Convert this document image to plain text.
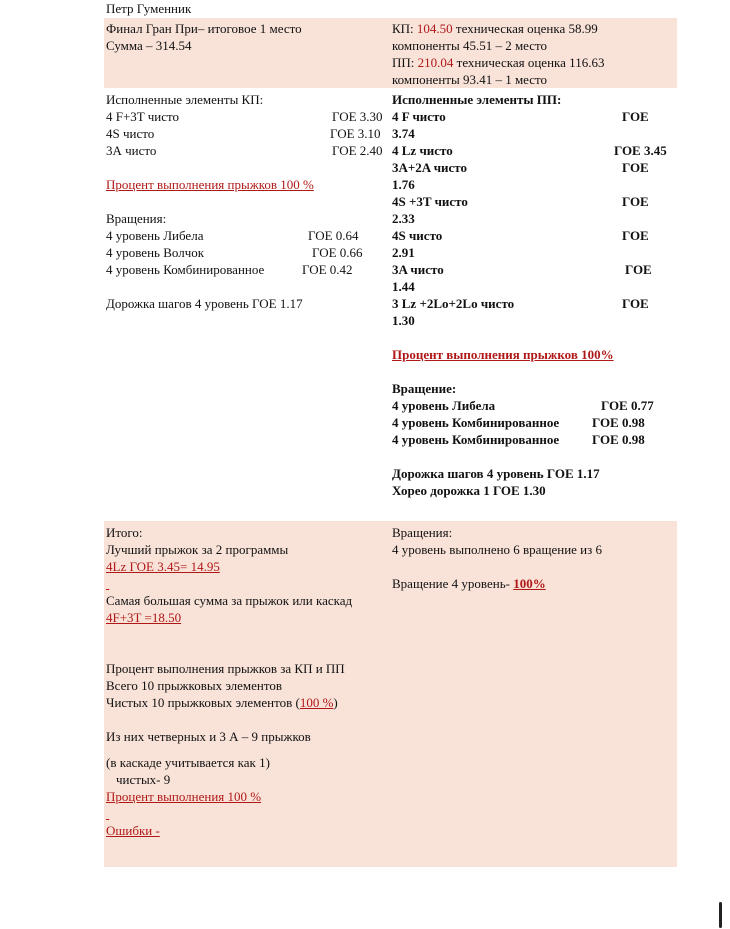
Петр Гуменник
Финал Гран При– итоговое 1 место
Сумма – 314.54
КП: 104.50 техническая оценка 58.99
компоненты 45.51 – 2 место
ПП: 210.04 техническая оценка 116.63
компоненты 93.41 – 1 место
Исполненные элементы КП:
4 F+3T чисто	ГОЕ 3.30
4S чисто	ГОЕ 3.10
3А чисто	ГОЕ 2.40
Процент выполнения прыжков 100 %
Вращения:
4 уровень Либела	ГОЕ 0.64
4 уровень Волчок	ГОЕ 0.66
4 уровень Комбинированное	ГОЕ 0.42
Дорожка шагов 4 уровень ГОЕ 1.17
Исполненные элементы ПП:
4 F чисто	ГОЕ
3.74
4 Lz чисто	ГОЕ 3.45
3A+2A чисто	ГОЕ
1.76
4S +3T чисто	ГОЕ
2.33
4S чисто	ГОЕ
2.91
3A чисто	ГОЕ
1.44
3 Lz +2Lo+2Lo чисто	ГОЕ
1.30
Процент выполнения прыжков 100%
Вращение:
4 уровень Либела	ГОЕ 0.77
4 уровень Комбинированное	ГОЕ 0.98
4 уровень Комбинированное	ГОЕ 0.98
Дорожка шагов 4 уровень ГОЕ 1.17
Хорео дорожка 1 ГОЕ 1.30
Итого:
Лучший прыжок за 2 программы
4Lz ГОЕ 3.45= 14.95

Самая большая сумма за прыжок или каскад
4F+3T =18.50
Процент выполнения прыжков за КП и ПП
Всего 10 прыжковых элементов
Чистых 10 прыжковых элементов (100 %)
Из них четверных и 3 А – 9 прыжков
(в каскаде учитывается как 1)
чистых- 9
Процент выполнения 100 %

Ошибки -
Вращения:
4 уровень выполнено 6 вращение из 6
Вращение 4 уровень- 100%
